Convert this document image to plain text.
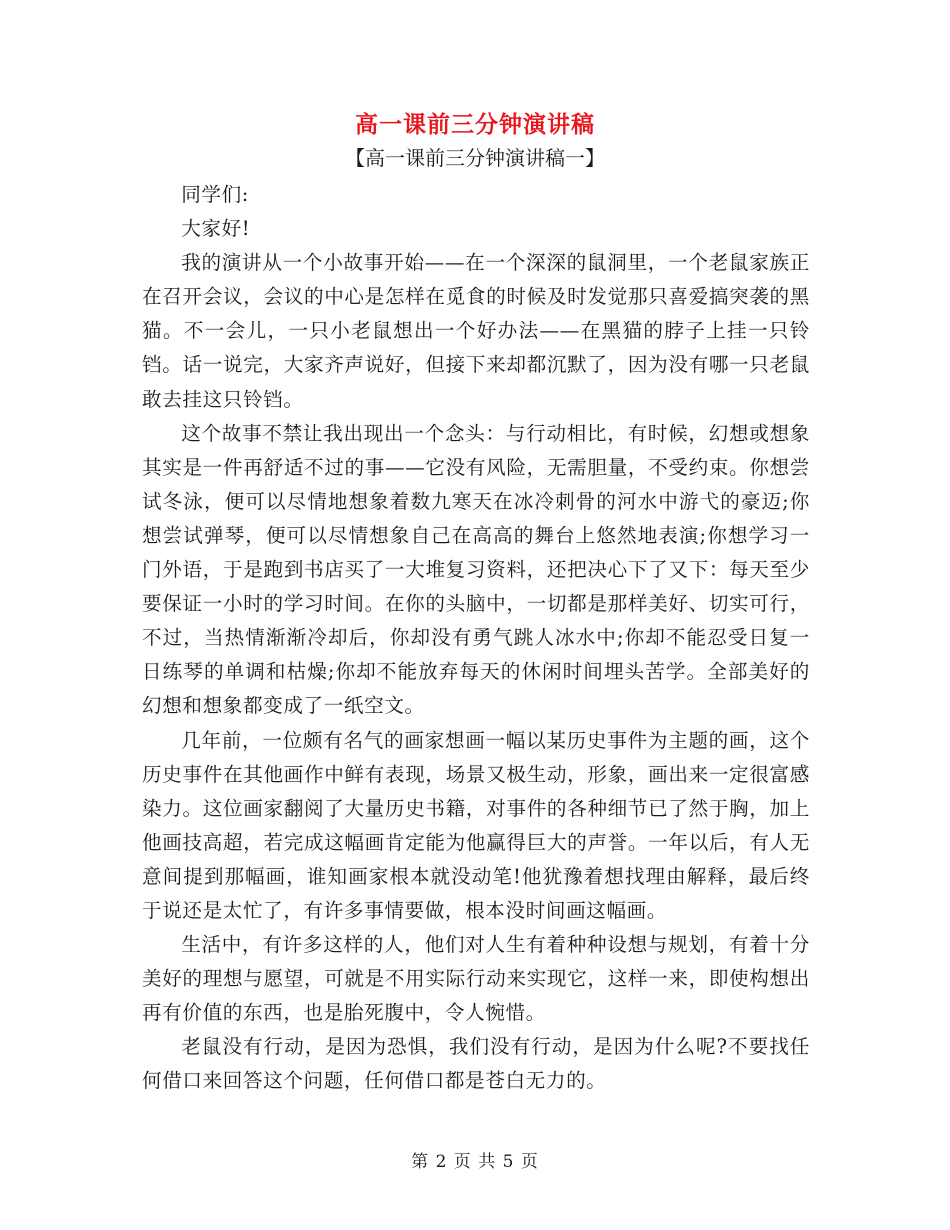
高一课前三分钟演讲稿
【高一课前三分钟演讲稿一】

同学们:

大家好!

我的演讲从一个小故事开始——在一个深深的鼠洞里，一个老鼠家族正在召开会议，会议的中心是怎样在觅食的时候及时发觉那只喜爱搞突袭的黑猫。不一会儿，一只小老鼠想出一个好办法——在黑猫的脖子上挂一只铃铛。话一说完，大家齐声说好，但接下来却都沉默了，因为没有哪一只老鼠敢去挂这只铃铛。

这个故事不禁让我出现出一个念头：与行动相比，有时候，幻想或想象其实是一件再舒适不过的事——它没有风险，无需胆量，不受约束。你想尝试冬泳，便可以尽情地想象着数九寒天在冰冷刺骨的河水中游弋的豪迈;你想尝试弹琴，便可以尽情想象自己在高高的舞台上悠然地表演;你想学习一门外语，于是跑到书店买了一大堆复习资料，还把决心下了又下：每天至少要保证一小时的学习时间。在你的头脑中，一切都是那样美好、切实可行，不过，当热情渐渐冷却后，你却没有勇气跳人冰水中;你却不能忍受日复一日练琴的单调和枯燥;你却不能放弃每天的休闲时间埋头苦学。全部美好的幻想和想象都变成了一纸空文。

几年前，一位颇有名气的画家想画一幅以某历史事件为主题的画，这个历史事件在其他画作中鲜有表现，场景又极生动，形象，画出来一定很富感染力。这位画家翻阅了大量历史书籍，对事件的各种细节已了然于胸，加上他画技高超，若完成这幅画肯定能为他赢得巨大的声誉。一年以后，有人无意间提到那幅画，谁知画家根本就没动笔!他犹豫着想找理由解释，最后终于说还是太忙了，有许多事情要做，根本没时间画这幅画。

生活中，有许多这样的人，他们对人生有着种种设想与规划，有着十分美好的理想与愿望，可就是不用实际行动来实现它，这样一来，即使构想出再有价值的东西，也是胎死腹中，令人惋惜。

老鼠没有行动，是因为恐惧，我们没有行动，是因为什么呢?不要找任何借口来回答这个问题，任何借口都是苍白无力的。

第 2 页 共 5 页
